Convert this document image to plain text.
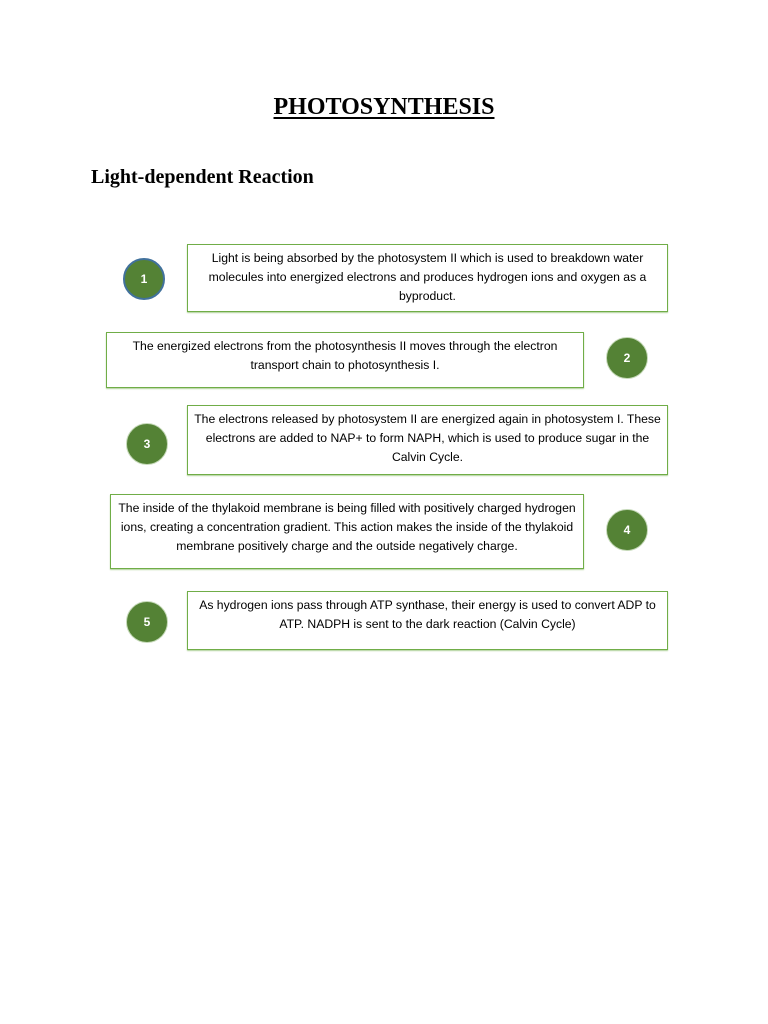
PHOTOSYNTHESIS
Light-dependent Reaction
1
Light is being absorbed by the photosystem II which is used to breakdown water molecules into energized electrons and produces hydrogen ions and oxygen as a byproduct.
The energized electrons from the photosynthesis II moves through the electron transport chain to photosynthesis I.	2
3
The electrons released by photosystem II are energized again in photosystem I. These electrons are added to NAP+ to form NAPH, which is used to produce sugar in the Calvin Cycle.
The inside of the thylakoid membrane is being filled with positively charged hydrogen ions, creating a concentration gradient. This action makes the inside of the thylakoid membrane positively charge and the outside negatively charge.
4
5
As hydrogen ions pass through ATP synthase, their energy is used to convert ADP to ATP. NADPH is sent to the dark reaction (Calvin Cycle)
